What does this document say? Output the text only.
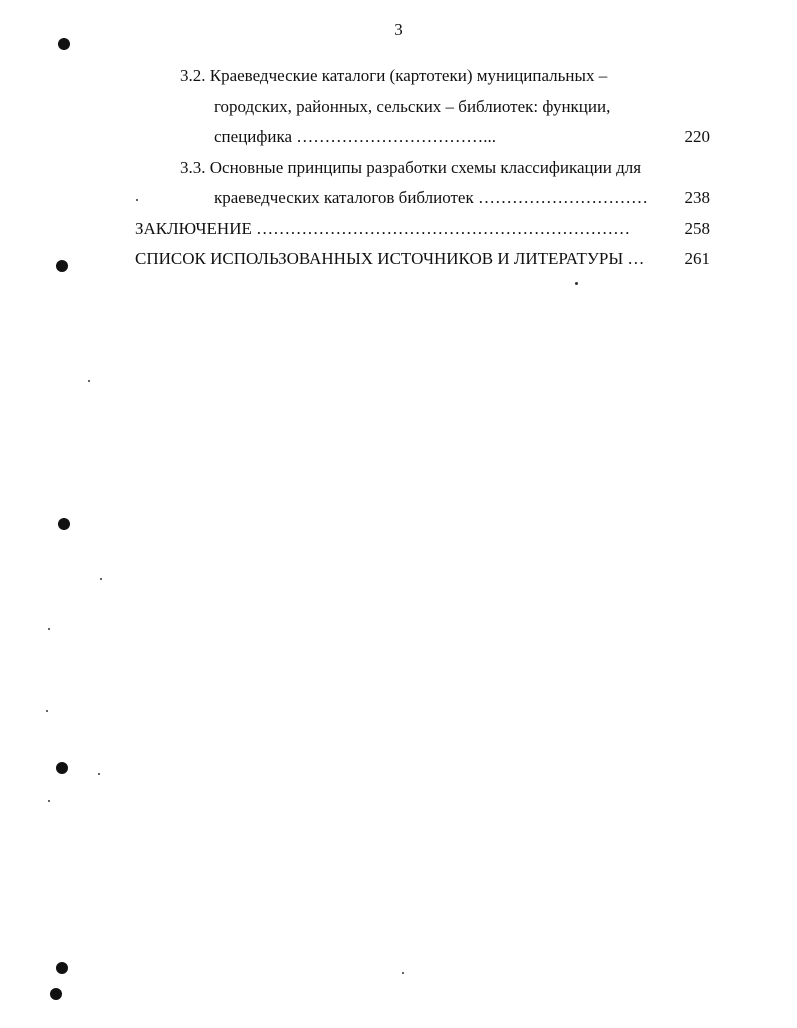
3
3.2. Краеведческие каталоги (картотеки) муниципальных –
городских, районных, сельских – библиотек: функции,
специфика ……………………………...	220
3.3. Основные принципы разработки схемы классификации для
краеведческих каталогов библиотек ………………………… 238
ЗАКЛЮЧЕНИЕ …………………………………………………………	258
СПИСОК ИСПОЛЬЗОВАННЫХ ИСТОЧНИКОВ И ЛИТЕРАТУРЫ … 261
